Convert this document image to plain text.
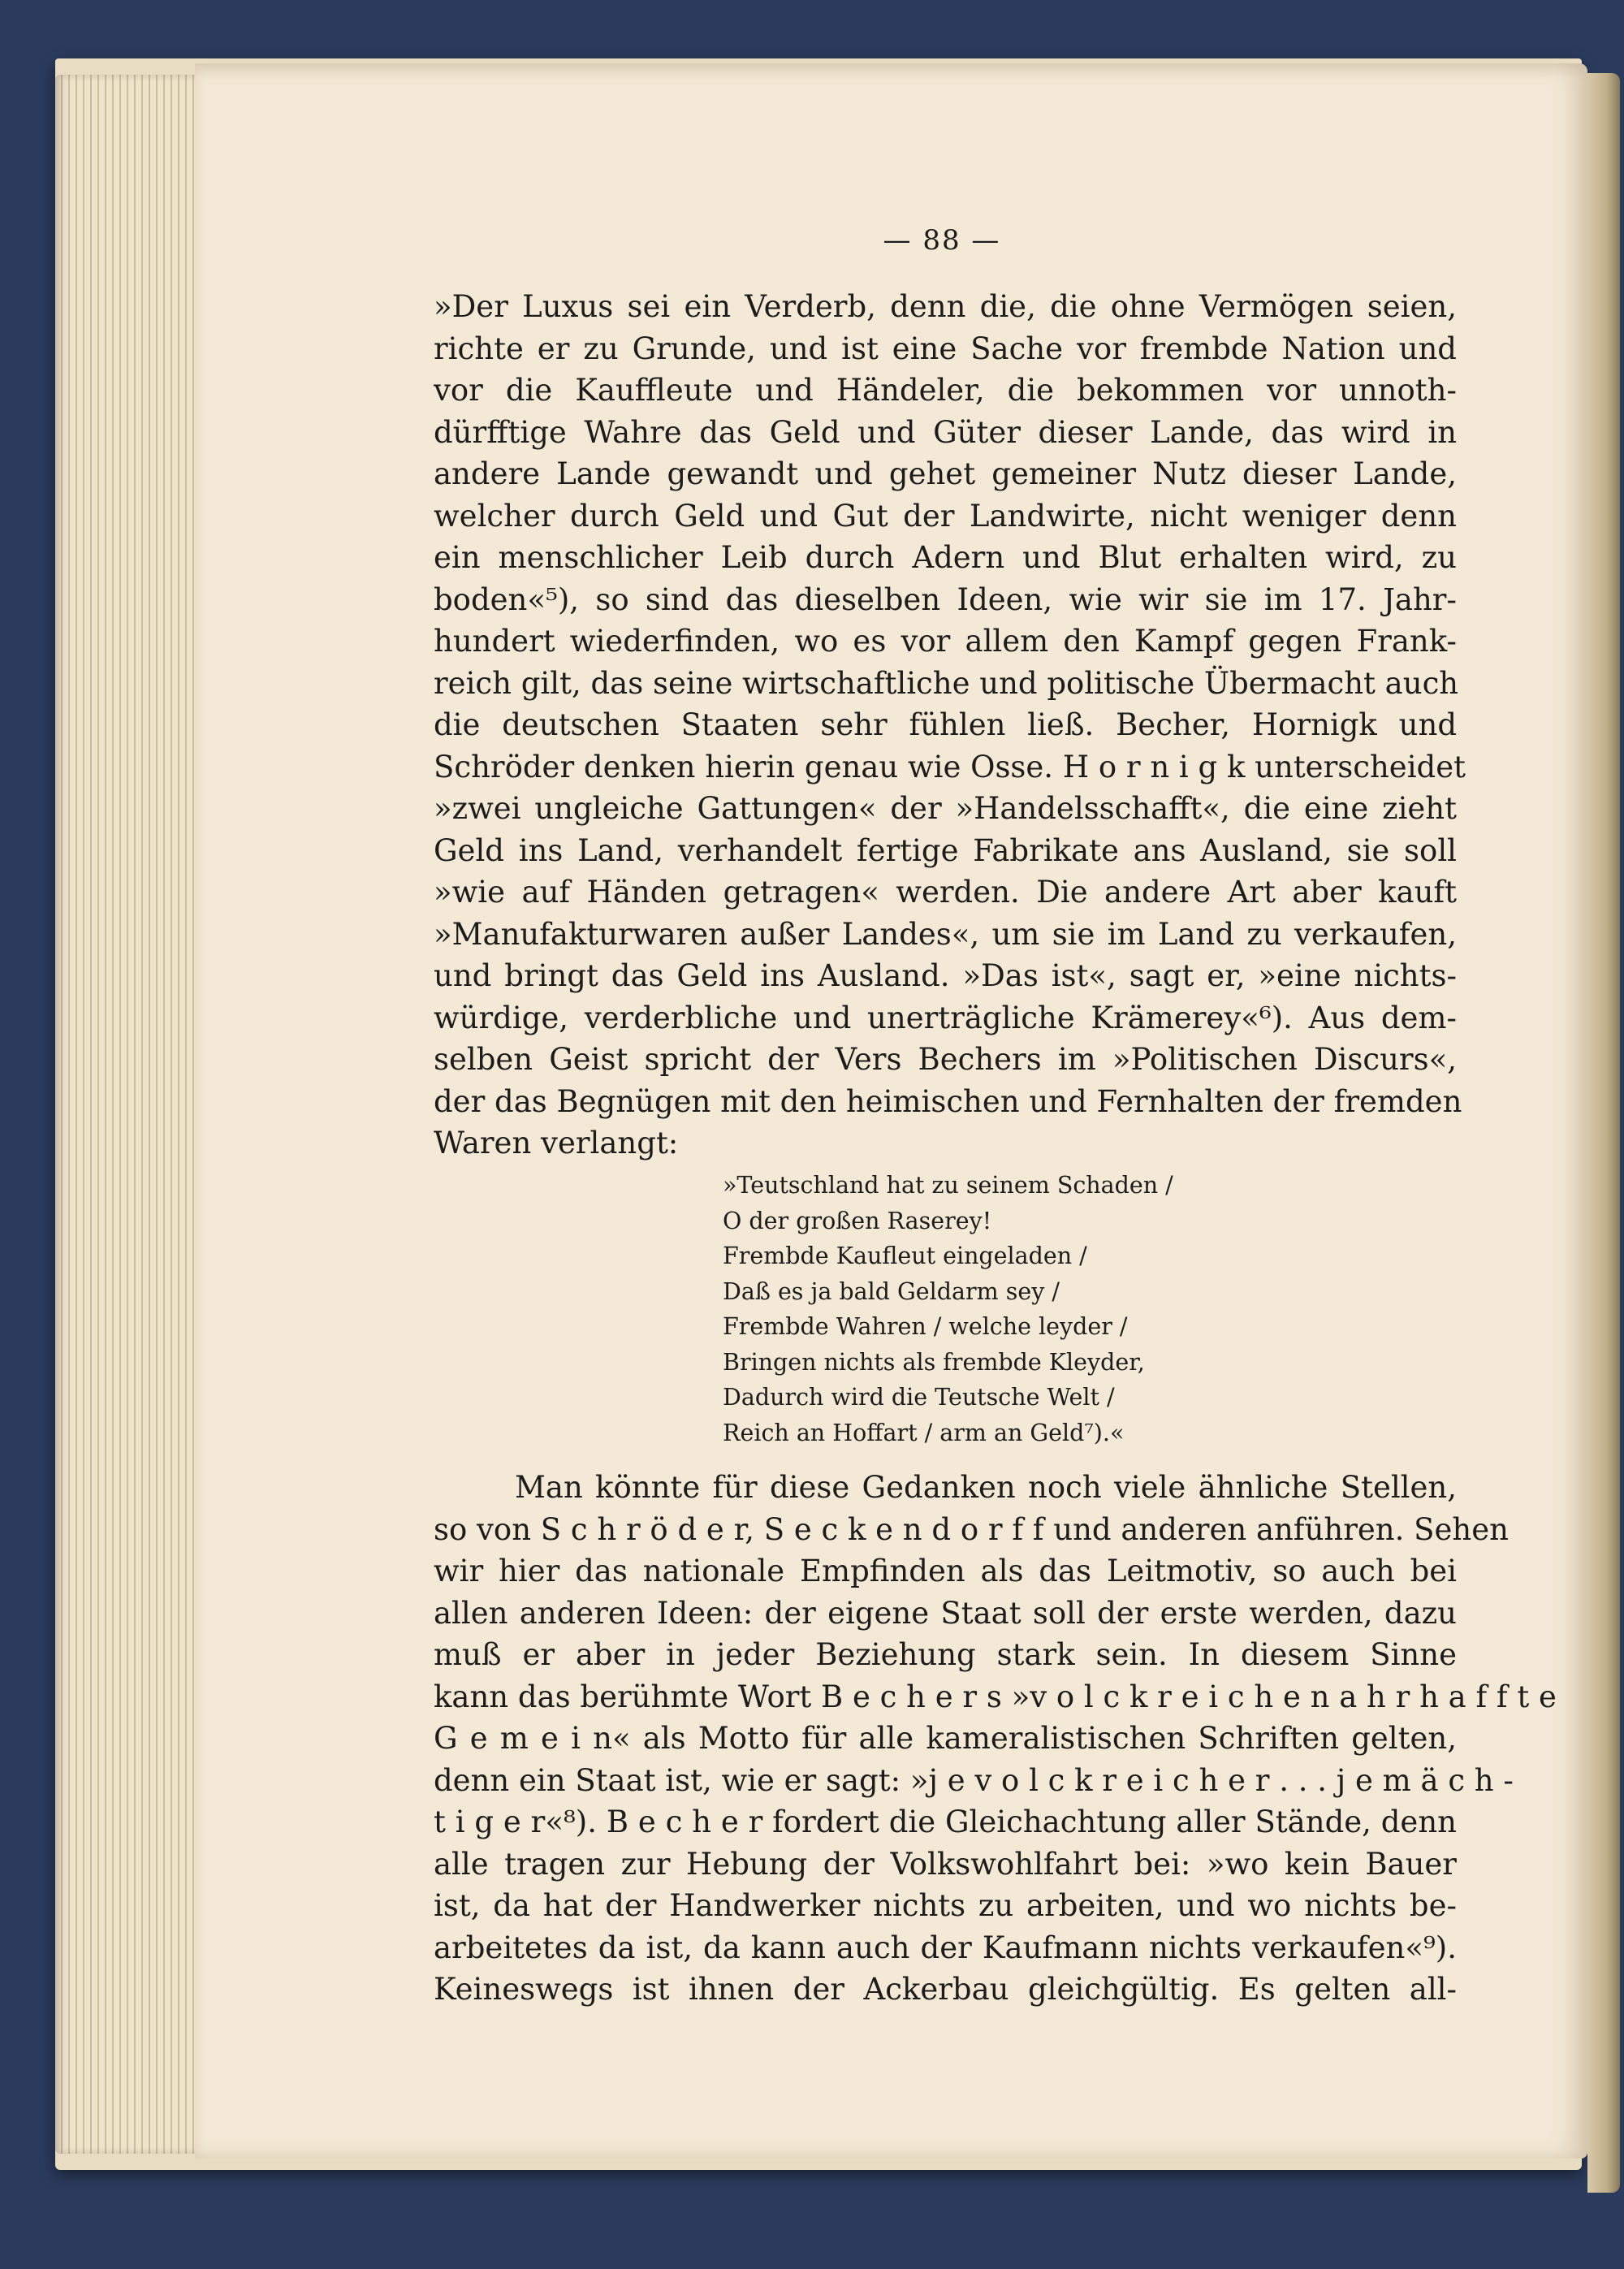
— 88 —
»Der Luxus sei ein Verderb, denn die, die ohne Vermögen seien,
richte er zu Grunde, und ist eine Sache vor frembde Nation und
vor die Kauffleute und Händeler, die bekommen vor unnoth-
dürfftige Wahre das Geld und Güter dieser Lande, das wird in
andere Lande gewandt und gehet gemeiner Nutz dieser Lande,
welcher durch Geld und Gut der Landwirte, nicht weniger denn
ein menschlicher Leib durch Adern und Blut erhalten wird, zu
boden«⁵), so sind das dieselben Ideen, wie wir sie im 17. Jahr-
hundert wiederfinden, wo es vor allem den Kampf gegen Frank-
reich gilt, das seine wirtschaftliche und politische Übermacht auch
die deutschen Staaten sehr fühlen ließ. Becher, Hornigk und
Schröder denken hierin genau wie Osse. H o r n i g k unterscheidet
»zwei ungleiche Gattungen« der »Handelsschafft«, die eine zieht
Geld ins Land, verhandelt fertige Fabrikate ans Ausland, sie soll
»wie auf Händen getragen« werden. Die andere Art aber kauft
»Manufakturwaren außer Landes«, um sie im Land zu verkaufen,
und bringt das Geld ins Ausland. »Das ist«, sagt er, »eine nichts-
würdige, verderbliche und unerträgliche Krämerey«⁶). Aus dem-
selben Geist spricht der Vers Bechers im »Politischen Discurs«,
der das Begnügen mit den heimischen und Fernhalten der fremden
Waren verlangt:
»Teutschland hat zu seinem Schaden /
O der großen Raserey!
Frembde Kaufleut eingeladen /
Daß es ja bald Geldarm sey /
Frembde Wahren / welche leyder /
Bringen nichts als frembde Kleyder,
Dadurch wird die Teutsche Welt /
Reich an Hoffart / arm an Geld⁷).«
Man könnte für diese Gedanken noch viele ähnliche Stellen,
so von S c h r ö d e r, S e c k e n d o r f f und anderen anführen. Sehen
wir hier das nationale Empfinden als das Leitmotiv, so auch bei
allen anderen Ideen: der eigene Staat soll der erste werden, dazu
muß er aber in jeder Beziehung stark sein. In diesem Sinne
kann das berühmte Wort B e c h e r s »v o l c k r e i c h e n a h r h a f f t e
G e m e i n« als Motto für alle kameralistischen Schriften gelten,
denn ein Staat ist, wie er sagt: »j e v o l c k r e i c h e r . . . j e m ä c h -
t i g e r«⁸). B e c h e r fordert die Gleichachtung aller Stände, denn
alle tragen zur Hebung der Volkswohlfahrt bei: »wo kein Bauer
ist, da hat der Handwerker nichts zu arbeiten, und wo nichts be-
arbeitetes da ist, da kann auch der Kaufmann nichts verkaufen«⁹).
Keineswegs ist ihnen der Ackerbau gleichgültig. Es gelten all-
